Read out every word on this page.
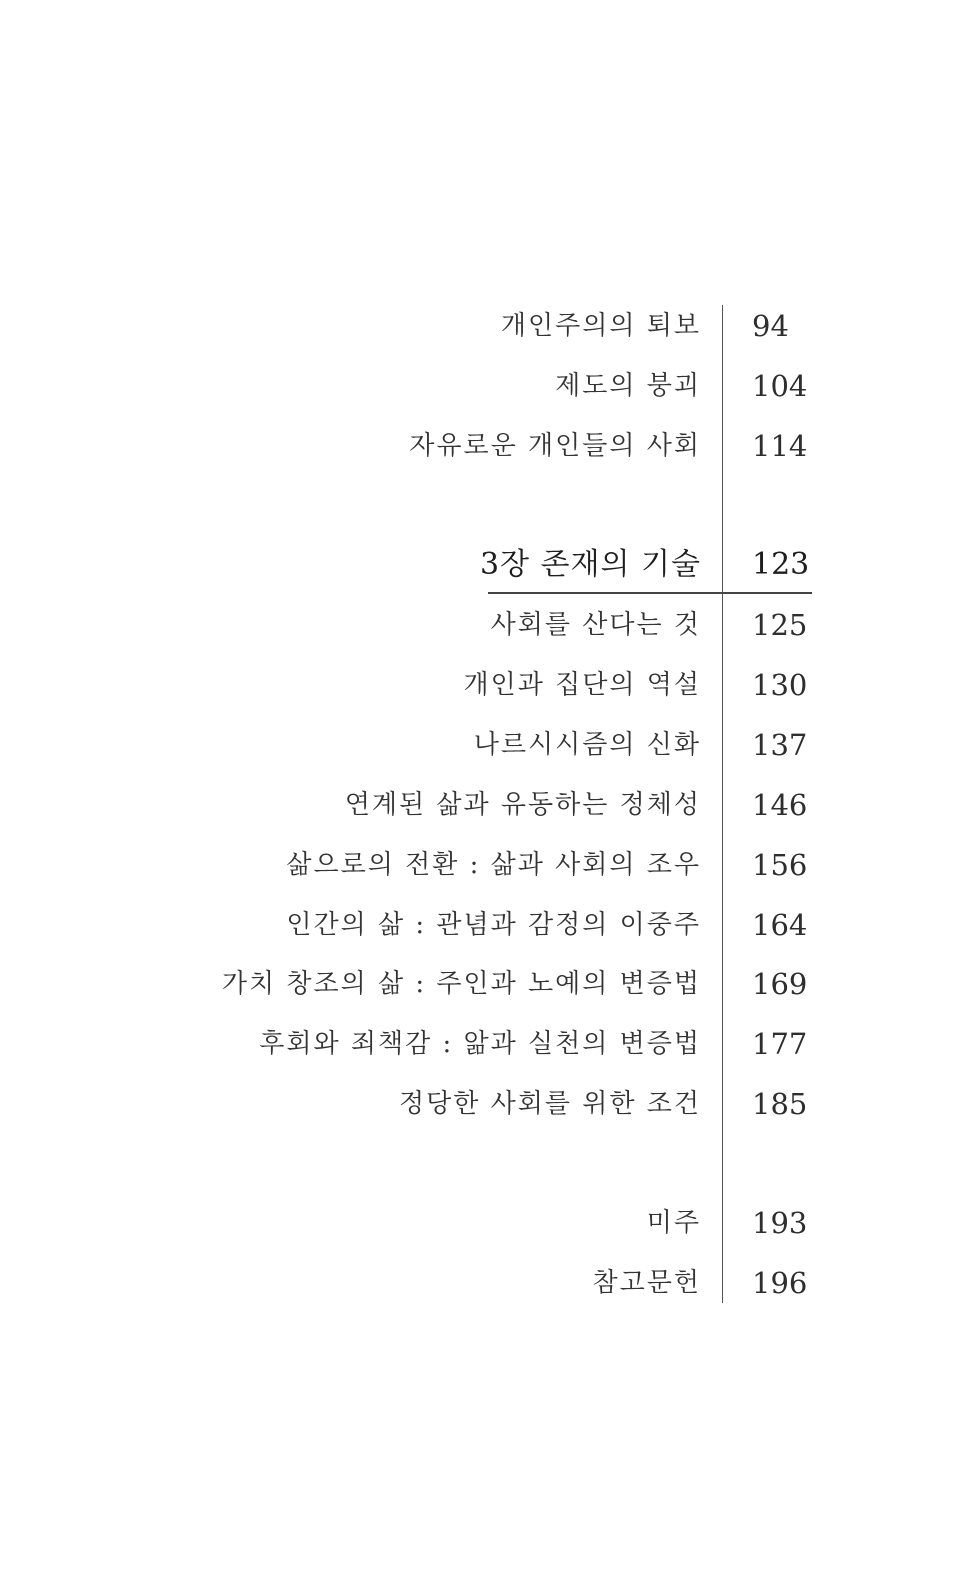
개인주의의 퇴보 94
제도의 붕괴 104
자유로운 개인들의 사회 114
3장 존재의 기술 123
사회를 산다는 것 125
개인과 집단의 역설 130
나르시시즘의 신화 137
연계된 삶과 유동하는 정체성 146
삶으로의 전환 : 삶과 사회의 조우 156
인간의 삶 : 관념과 감정의 이중주 164
가치 창조의 삶 : 주인과 노예의 변증법 169
후회와 죄책감 : 앎과 실천의 변증법 177
정당한 사회를 위한 조건 185
미주 193
참고문헌 196
